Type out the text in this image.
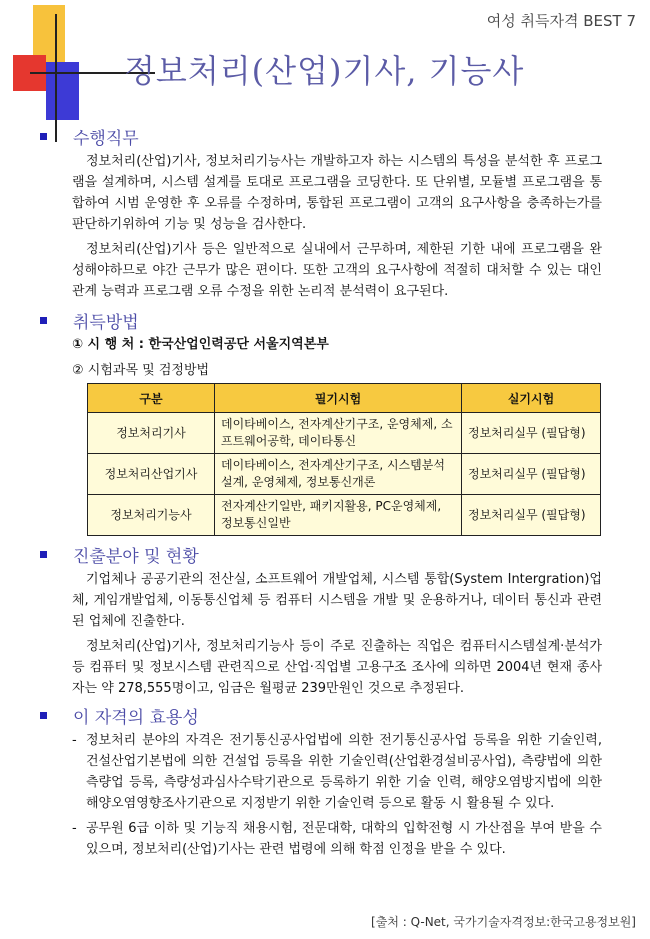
여성 취득자격 BEST 7
정보처리(산업)기사, 기능사
수행직무

정보처리(산업)기사, 정보처리기능사는 개발하고자 하는 시스템의 특성을 분석한 후 프로그램을 설계하며, 시스템 설계를 토대로 프로그램을 코딩한다. 또 단위별, 모듈별 프로그램을 통합하여 시범 운영한 후 오류를 수정하며, 통합된 프로그램이 고객의 요구사항을 충족하는가를 판단하기위하여 기능 및 성능을 검사한다.

정보처리(산업)기사 등은 일반적으로 실내에서 근무하며, 제한된 기한 내에 프로그램을 완성해야하므로 야간 근무가 많은 편이다. 또한 고객의 요구사항에 적절히 대처할 수 있는 대인관계 능력과 프로그램 오류 수정을 위한 논리적 분석력이 요구된다.

취득방법
① 시 행 처 : 한국산업인력공단 서울지역본부
② 시험과목 및 검정방법
구분	필기시험	실기시험
정보처리기사	데이타베이스, 전자계산기구조, 운영체제, 소프트웨어공학, 데이타통신	정보처리실무 (필답형)
정보처리산업기사	데이타베이스, 전자계산기구조, 시스템분석설계, 운영체제, 정보통신개론	정보처리실무 (필답형)
정보처리기능사	전자계산기일반, 패키지활용, PC운영체제, 정보통신일반	정보처리실무 (필답형)
진출분야 및 현황

기업체나 공공기관의 전산실, 소프트웨어 개발업체, 시스템 통합(System Intergration)업체, 게임개발업체, 이동통신업체 등 컴퓨터 시스템을 개발 및 운용하거나, 데이터 통신과 관련된 업체에 진출한다.

정보처리(산업)기사, 정보처리기능사 등이 주로 진출하는 직업은 컴퓨터시스템설계·분석가 등 컴퓨터 및 정보시스템 관련직으로 산업·직업별 고용구조 조사에 의하면 2004년 현재 종사자는 약 278,555명이고, 임금은 월평균 239만원인 것으로 추정된다.

이 자격의 효용성
- 정보처리 분야의 자격은 전기통신공사업법에 의한 전기통신공사업 등록을 위한 기술인력, 건설산업기본법에 의한 건설업 등록을 위한 기술인력(산업환경설비공사업), 측량법에 의한 측량업 등록, 측량성과심사수탁기관으로 등록하기 위한 기술 인력, 해양오염방지법에 의한 해양오염영향조사기관으로 지정받기 위한 기술인력 등으로 활동 시 활용될 수 있다.
- 공무원 6급 이하 및 기능직 채용시험, 전문대학, 대학의 입학전형 시 가산점을 부여 받을 수 있으며, 정보처리(산업)기사는 관련 법령에 의해 학점 인정을 받을 수 있다.
[출처 : Q-Net, 국가기술자격정보:한국고용정보원]
